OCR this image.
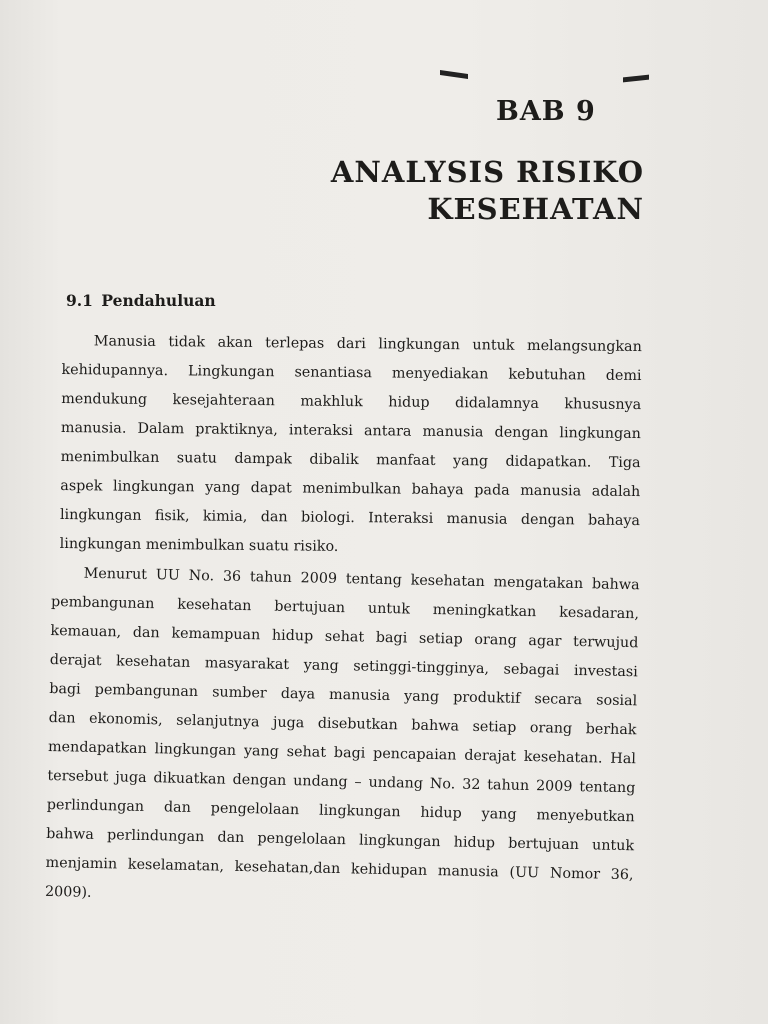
BAB 9
ANALYSIS RISIKO
KESEHATAN
9.1 Pendahuluan
Manusia tidak akan terlepas dari lingkungan untuk melangsungkan
kehidupannya. Lingkungan senantiasa menyediakan kebutuhan demi
mendukung kesejahteraan makhluk hidup didalamnya khususnya
manusia. Dalam praktiknya, interaksi antara manusia dengan lingkungan
menimbulkan suatu dampak dibalik manfaat yang didapatkan. Tiga
aspek lingkungan yang dapat menimbulkan bahaya pada manusia adalah
lingkungan fisik, kimia, dan biologi. Interaksi manusia dengan bahaya
lingkungan menimbulkan suatu risiko.
Menurut UU No. 36 tahun 2009 tentang kesehatan mengatakan bahwa
pembangunan kesehatan bertujuan untuk meningkatkan kesadaran,
kemauan, dan kemampuan hidup sehat bagi setiap orang agar terwujud
derajat kesehatan masyarakat yang setinggi-tingginya, sebagai investasi
bagi pembangunan sumber daya manusia yang produktif secara sosial
dan ekonomis, selanjutnya juga disebutkan bahwa setiap orang berhak
mendapatkan lingkungan yang sehat bagi pencapaian derajat kesehatan. Hal
tersebut juga dikuatkan dengan undang – undang No. 32 tahun 2009 tentang
perlindungan dan pengelolaan lingkungan hidup yang menyebutkan
bahwa perlindungan dan pengelolaan lingkungan hidup bertujuan untuk
menjamin keselamatan, kesehatan,dan kehidupan manusia (UU Nomor 36,
2009).
